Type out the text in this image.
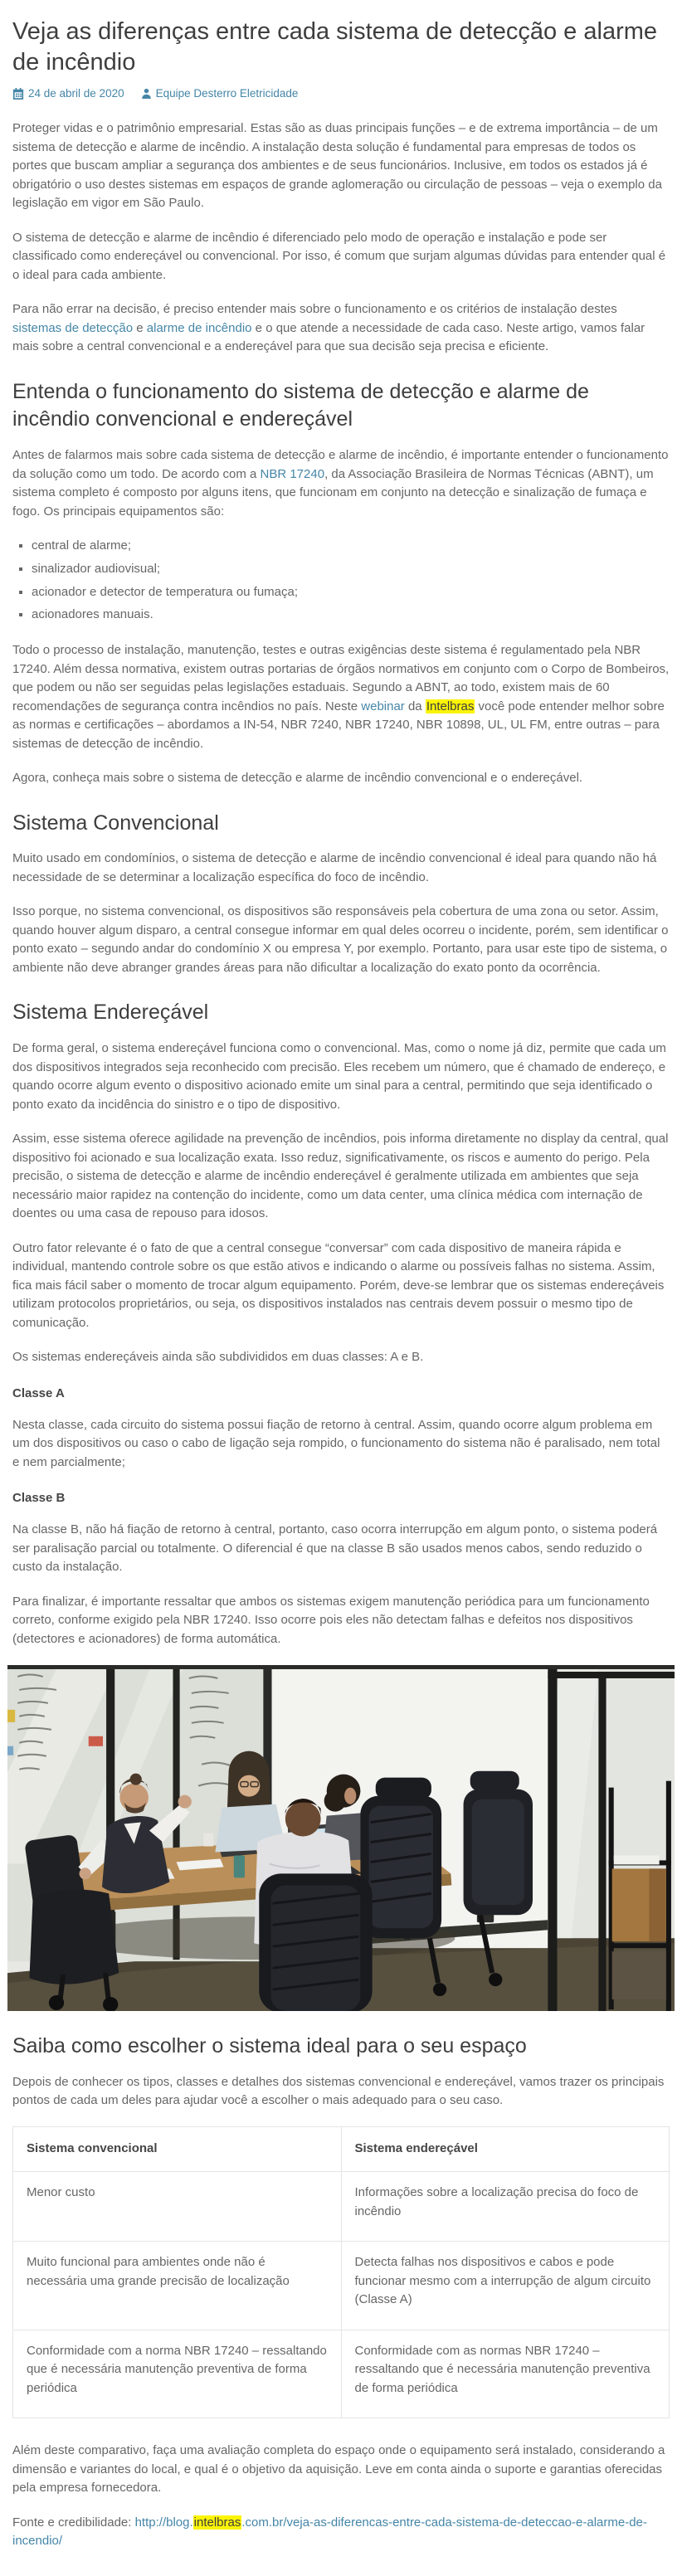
Veja as diferenças entre cada sistema de detecção e alarme de incêndio
24 de abril de 2020	Equipe Desterro Eletricidade

Proteger vidas e o patrimônio empresarial. Estas são as duas principais funções – e de extrema importância – de um sistema de detecção e alarme de incêndio. A instalação desta solução é fundamental para empresas de todos os portes que buscam ampliar a segurança dos ambientes e de seus funcionários. Inclusive, em todos os estados já é obrigatório o uso destes sistemas em espaços de grande aglomeração ou circulação de pessoas – veja o exemplo da legislação em vigor em São Paulo.

O sistema de detecção e alarme de incêndio é diferenciado pelo modo de operação e instalação e pode ser classificado como endereçável ou convencional. Por isso, é comum que surjam algumas dúvidas para entender qual é o ideal para cada ambiente.

Para não errar na decisão, é preciso entender mais sobre o funcionamento e os critérios de instalação destes sistemas de detecção e alarme de incêndio e o que atende a necessidade de cada caso. Neste artigo, vamos falar mais sobre a central convencional e a endereçável para que sua decisão seja precisa e eficiente.

Entenda o funcionamento do sistema de detecção e alarme de incêndio convencional e endereçável

Antes de falarmos mais sobre cada sistema de detecção e alarme de incêndio, é importante entender o funcionamento da solução como um todo. De acordo com a NBR 17240, da Associação Brasileira de Normas Técnicas (ABNT), um sistema completo é composto por alguns itens, que funcionam em conjunto na detecção e sinalização de fumaça e fogo. Os principais equipamentos são:

▪ central de alarme;
▪ sinalizador audiovisual;
▪ acionador e detector de temperatura ou fumaça;
▪ acionadores manuais.

Todo o processo de instalação, manutenção, testes e outras exigências deste sistema é regulamentado pela NBR 17240. Além dessa normativa, existem outras portarias de órgãos normativos em conjunto com o Corpo de Bombeiros, que podem ou não ser seguidas pelas legislações estaduais. Segundo a ABNT, ao todo, existem mais de 60 recomendações de segurança contra incêndios no país. Neste webinar da Intelbras você pode entender melhor sobre as normas e certificações – abordamos a IN-54, NBR 7240, NBR 17240, NBR 10898, UL, UL FM, entre outras – para sistemas de detecção de incêndio.

Agora, conheça mais sobre o sistema de detecção e alarme de incêndio convencional e o endereçável.

Sistema Convencional

Muito usado em condomínios, o sistema de detecção e alarme de incêndio convencional é ideal para quando não há necessidade de se determinar a localização específica do foco de incêndio.

Isso porque, no sistema convencional, os dispositivos são responsáveis pela cobertura de uma zona ou setor. Assim, quando houver algum disparo, a central consegue informar em qual deles ocorreu o incidente, porém, sem identificar o ponto exato – segundo andar do condomínio X ou empresa Y, por exemplo. Portanto, para usar este tipo de sistema, o ambiente não deve abranger grandes áreas para não dificultar a localização do exato ponto da ocorrência.

Sistema Endereçável

De forma geral, o sistema endereçável funciona como o convencional. Mas, como o nome já diz, permite que cada um dos dispositivos integrados seja reconhecido com precisão. Eles recebem um número, que é chamado de endereço, e quando ocorre algum evento o dispositivo acionado emite um sinal para a central, permitindo que seja identificado o ponto exato da incidência do sinistro e o tipo de dispositivo.

Assim, esse sistema oferece agilidade na prevenção de incêndios, pois informa diretamente no display da central, qual dispositivo foi acionado e sua localização exata. Isso reduz, significativamente, os riscos e aumento do perigo. Pela precisão, o sistema de detecção e alarme de incêndio endereçável é geralmente utilizada em ambientes que seja necessário maior rapidez na contenção do incidente, como um data center, uma clínica médica com internação de doentes ou uma casa de repouso para idosos.

Outro fator relevante é o fato de que a central consegue “conversar” com cada dispositivo de maneira rápida e individual, mantendo controle sobre os que estão ativos e indicando o alarme ou possíveis falhas no sistema. Assim, fica mais fácil saber o momento de trocar algum equipamento. Porém, deve-se lembrar que os sistemas endereçáveis utilizam protocolos proprietários, ou seja, os dispositivos instalados nas centrais devem possuir o mesmo tipo de comunicação.

Os sistemas endereçáveis ainda são subdivididos em duas classes: A e B.

Classe A

Nesta classe, cada circuito do sistema possui fiação de retorno à central. Assim, quando ocorre algum problema em um dos dispositivos ou caso o cabo de ligação seja rompido, o funcionamento do sistema não é paralisado, nem total e nem parcialmente;

Classe B

Na classe B, não há fiação de retorno à central, portanto, caso ocorra interrupção em algum ponto, o sistema poderá ser paralisação parcial ou totalmente. O diferencial é que na classe B são usados menos cabos, sendo reduzido o custo da instalação.

Para finalizar, é importante ressaltar que ambos os sistemas exigem manutenção periódica para um funcionamento correto, conforme exigido pela NBR 17240. Isso ocorre pois eles não detectam falhas e defeitos nos dispositivos (detectores e acionadores) de forma automática.

Saiba como escolher o sistema ideal para o seu espaço

Depois de conhecer os tipos, classes e detalhes dos sistemas convencional e endereçável, vamos trazer os principais pontos de cada um deles para ajudar você a escolher o mais adequado para o seu caso.

Sistema convencional	Sistema endereçável
Menor custo	Informações sobre a localização precisa do foco de incêndio
Muito funcional para ambientes onde não é necessária uma grande precisão de localização	Detecta falhas nos dispositivos e cabos e pode funcionar mesmo com a interrupção de algum circuito (Classe A)
Conformidade com a norma NBR 17240 – ressaltando que é necessária manutenção preventiva de forma periódica	Conformidade com as normas NBR 17240 – ressaltando que é necessária manutenção preventiva de forma periódica

Além deste comparativo, faça uma avaliação completa do espaço onde o equipamento será instalado, considerando a dimensão e variantes do local, e qual é o objetivo da aquisição. Leve em conta ainda o suporte e garantias oferecidas pela empresa fornecedora.

Fonte e credibilidade: http://blog.intelbras.com.br/veja-as-diferencas-entre-cada-sistema-de-deteccao-e-alarme-de-incendio/
